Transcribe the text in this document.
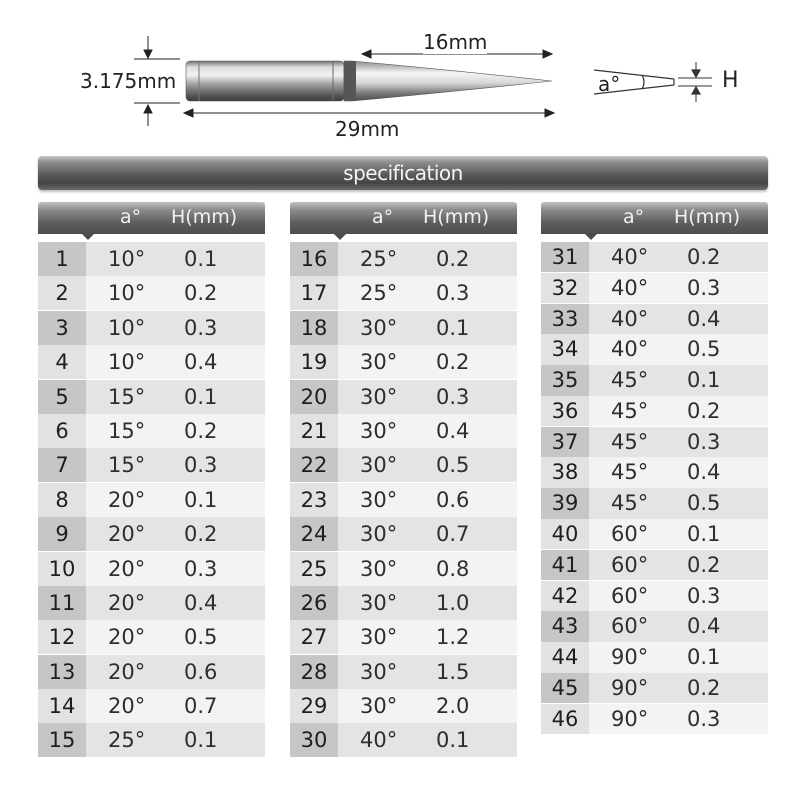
3.175mm
16mm
29mm
a°	H
specification
a° H(mm)
1	10° 0.1
2	10° 0.2
3	10° 0.3
4	10° 0.4
5	15° 0.1
6	15° 0.2
7	15° 0.3
8	20° 0.1
9	20° 0.2
10	20° 0.3
11	20° 0.4
12	20° 0.5
13	20° 0.6
14	20° 0.7
15	25° 0.1
a° H(mm)
16	25° 0.2
17	25° 0.3
18	30° 0.1
19	30° 0.2
20	30° 0.3
21	30° 0.4
22	30° 0.5
23	30° 0.6
24	30° 0.7
25	30° 0.8
26	30° 1.0
27	30° 1.2
28	30° 1.5
29	30° 2.0
30	40° 0.1
a° H(mm)
31	40° 0.2
32	40° 0.3
33	40° 0.4
34	40° 0.5
35	45° 0.1
36	45° 0.2
37	45° 0.3
38	45° 0.4
39	45° 0.5
40	60° 0.1
41	60° 0.2
42	60° 0.3
43	60° 0.4
44	90° 0.1
45	90° 0.2
46	90° 0.3
